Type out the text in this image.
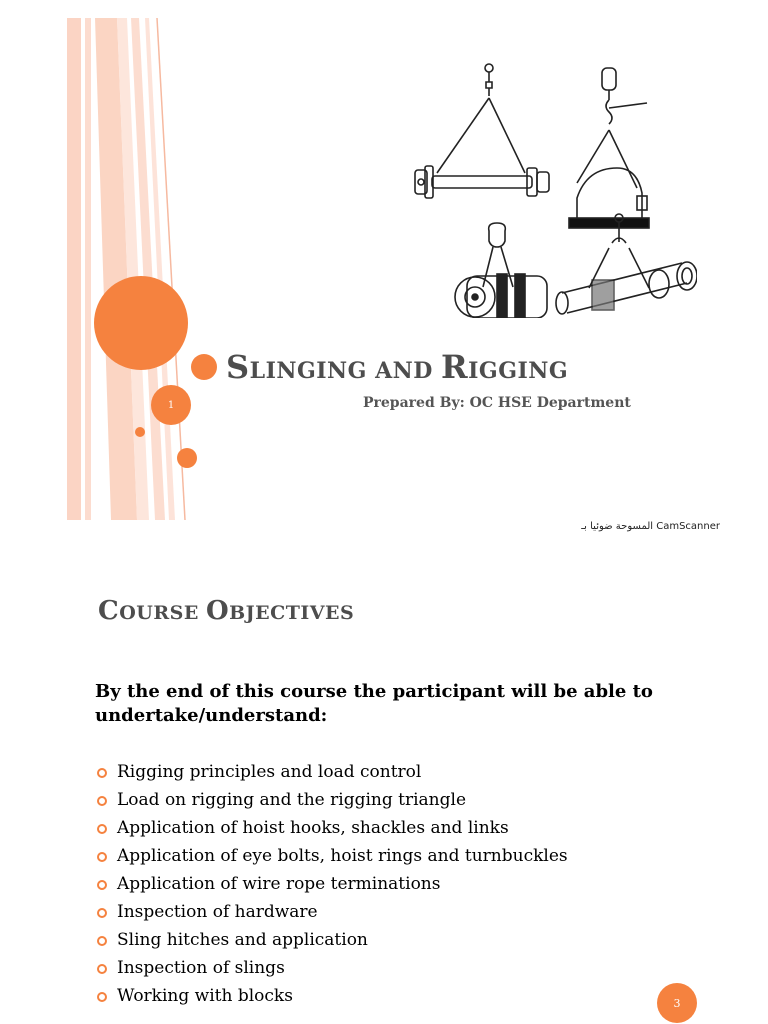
1
SLINGING AND RIGGING
Prepared By: OC HSE Department
المسوحة ضوئيا بـ CamScanner
COURSE OBJECTIVES
By the end of this course the participant will be able to undertake/understand:
Rigging principles and load control
Load on rigging and the rigging triangle
Application of hoist hooks, shackles and links
Application of eye bolts, hoist rings and turnbuckles
Application of wire rope terminations
Inspection of hardware
Sling hitches and application
Inspection of slings
Working with blocks	3
